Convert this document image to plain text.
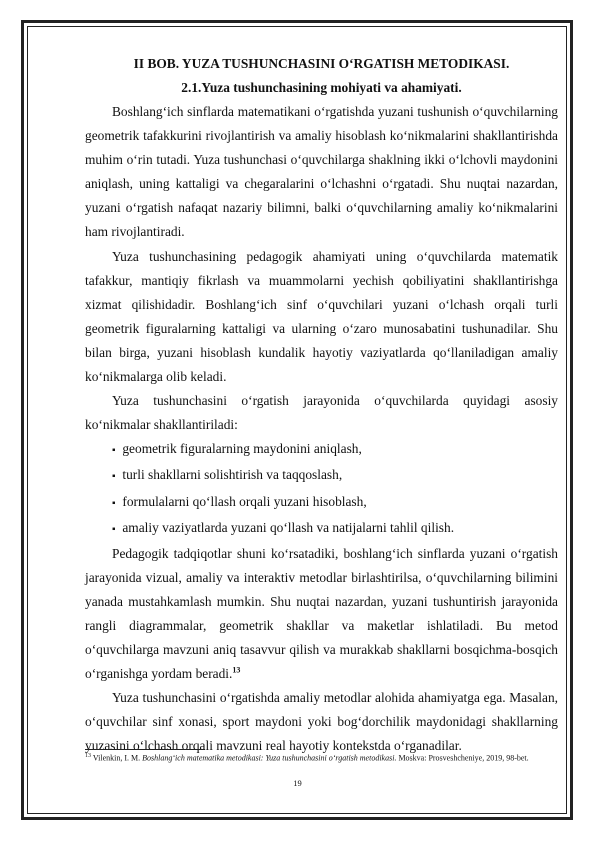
II BOB. YUZA TUSHUNCHASINI O‘RGATISH METODIKASI.

2.1.Yuza tushunchasining mohiyati va ahamiyati.

Boshlang‘ich sinflarda matematikani o‘rgatishda yuzani tushunish o‘quvchilarning geometrik tafakkurini rivojlantirish va amaliy hisoblash ko‘nikmalarini shakllantirishda muhim o‘rin tutadi. Yuza tushunchasi o‘quvchilarga shaklning ikki o‘lchovli maydonini aniqlash, uning kattaligi va chegaralarini o‘lchashni o‘rgatadi. Shu nuqtai nazardan, yuzani o‘rgatish nafaqat nazariy bilimni, balki o‘quvchilarning amaliy ko‘nikmalarini ham rivojlantiradi.

Yuza tushunchasining pedagogik ahamiyati uning o‘quvchilarda matematik tafakkur, mantiqiy fikrlash va muammolarni yechish qobiliyatini shakllantirishga xizmat qilishidadir. Boshlang‘ich sinf o‘quvchilari yuzani o‘lchash orqali turli geometrik figuralarning kattaligi va ularning o‘zaro munosabatini tushunadilar. Shu bilan birga, yuzani hisoblash kundalik hayotiy vaziyatlarda qo‘llaniladigan amaliy ko‘nikmalarga olib keladi.

Yuza tushunchasini o‘rgatish jarayonida o‘quvchilarda quyidagi asosiy ko‘nikmalar shakllantiriladi:

▪ geometrik figuralarning maydonini aniqlash,
▪ turli shakllarni solishtirish va taqqoslash,
▪ formulalarni qo‘llash orqali yuzani hisoblash,
▪ amaliy vaziyatlarda yuzani qo‘llash va natijalarni tahlil qilish.

Pedagogik tadqiqotlar shuni ko‘rsatadiki, boshlang‘ich sinflarda yuzani o‘rgatish jarayonida vizual, amaliy va interaktiv metodlar birlashtirilsa, o‘quvchilarning bilimini yanada mustahkamlash mumkin. Shu nuqtai nazardan, yuzani tushuntirish jarayonida rangli diagrammalar, geometrik shakllar va maketlar ishlatiladi. Bu metod o‘quvchilarga mavzuni aniq tasavvur qilish va murakkab shakllarni bosqichma-bosqich o‘rganishga yordam beradi.$^{13}$

Yuza tushunchasini o‘rgatishda amaliy metodlar alohida ahamiyatga ega. Masalan, o‘quvchilar sinf xonasi, sport maydoni yoki bog‘dorchilik maydonidagi shakllarning yuzasini o‘lchash orqali mavzuni real hayotiy kontekstda o‘rganadilar.

$^{13}$ Vilenkin, I. M. Boshlang‘ich matematika metodikasi: Yuza tushunchasini o‘rgatish metodikasi. Moskva: Prosveshcheniye, 2019, 98-bet.
19
